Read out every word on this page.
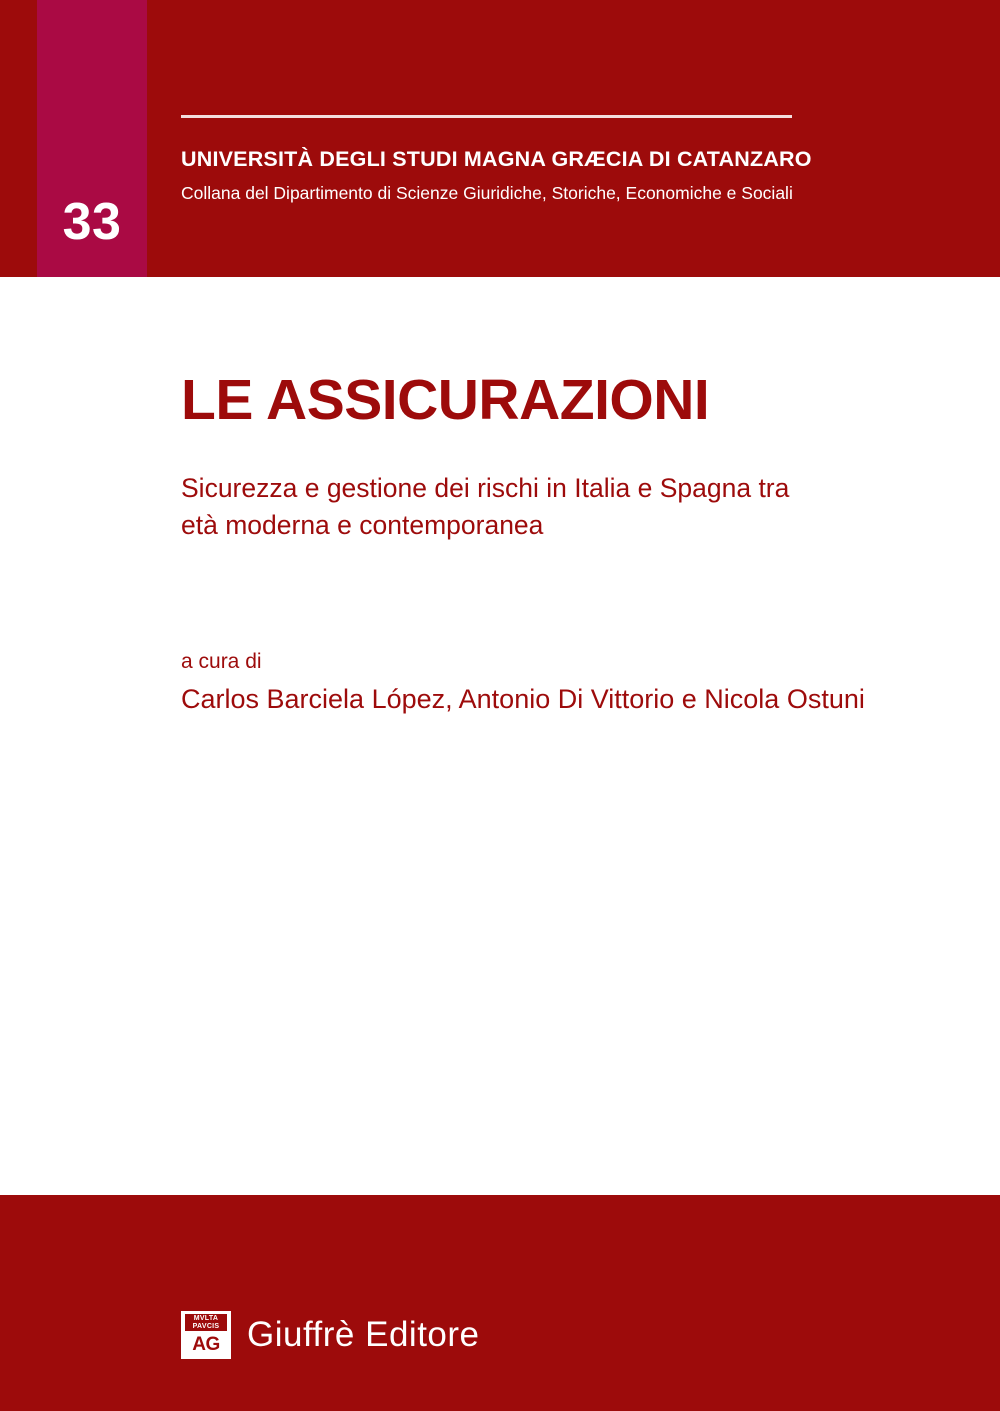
33
UNIVERSITÀ DEGLI STUDI MAGNA GRÆCIA DI CATANZARO
Collana del Dipartimento di Scienze Giuridiche, Storiche, Economiche e Sociali
LE ASSICURAZIONI
Sicurezza e gestione dei rischi in Italia e Spagna tra età moderna e contemporanea
a cura di
Carlos Barciela López, Antonio Di Vittorio e Nicola Ostuni
MVLTA
PAVCIS
AG Giuffrè Editore
